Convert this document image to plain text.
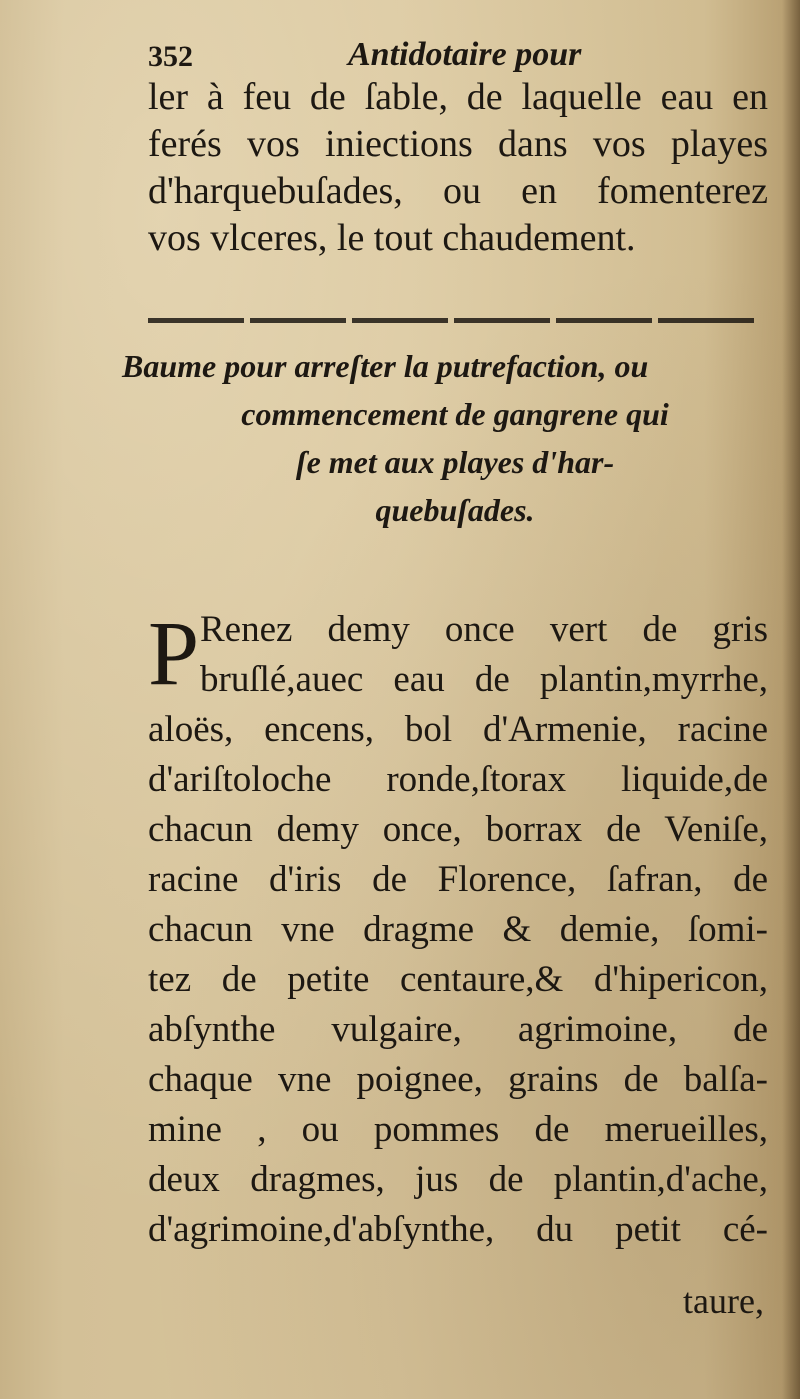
352	Antidotaire pour
ler à feu de ſable, de laquelle eau en
ferés vos iniections dans vos playes
d'harquebuſades, ou en fomenterez
vos vlceres, le tout chaudement.
Baume pour arreſter la putrefaction, ou
commencement de gangrene qui
ſe met aux playes d'har-
quebuſades.
P Renez demy once vert de gris
bruſlé,auec eau de plantin,myrrhe,
aloës, encens, bol d'Armenie, racine
d'ariſtoloche ronde,ſtorax liquide,de
chacun demy once, borrax de Veniſe,
racine d'iris de Florence, ſafran, de
chacun vne dragme & demie, ſomi-
tez de petite centaure,& d'hipericon,
abſynthe vulgaire, agrimoine, de
chaque vne poignee, grains de balſa-
mine , ou pommes de merueilles,
deux dragmes, jus de plantin,d'ache,
d'agrimoine,d'abſynthe, du petit cé-
taure,
